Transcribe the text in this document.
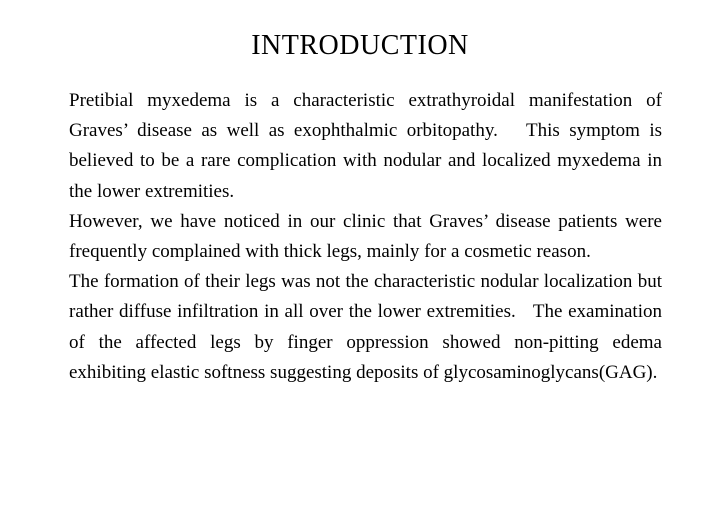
INTRODUCTION

Pretibial myxedema is a characteristic extrathyroidal manifestation of Graves’ disease as well as exophthalmic orbitopathy.   This symptom is believed to be a rare complication with nodular and localized myxedema in the lower extremities.

However, we have noticed in our clinic that Graves’ disease patients were frequently complained with thick legs, mainly for a cosmetic reason.

The formation of their legs was not the characteristic nodular localization but rather diffuse infiltration in all over the lower extremities.   The examination of the affected legs by finger oppression showed non-pitting edema exhibiting elastic softness suggesting deposits of glycosaminoglycans(GAG).
